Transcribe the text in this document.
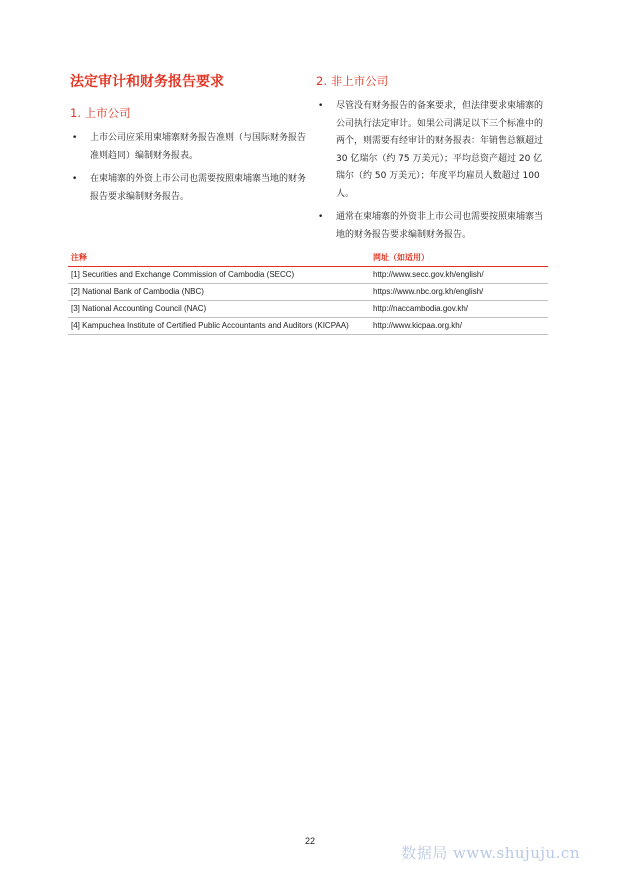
法定审计和财务报告要求
1. 上市公司
• 上市公司应采用柬埔寨财务报告准则（与国际财务报告准则趋同）编制财务报表。
• 在柬埔寨的外资上市公司也需要按照柬埔寨当地的财务报告要求编制财务报告。
2. 非上市公司
• 尽管没有财务报告的备案要求，但法律要求柬埔寨的公司执行法定审计。如果公司满足以下三个标准中的两个，则需要有经审计的财务报表：年销售总额超过 30 亿瑞尔（约 75 万美元）；平均总资产超过 20 亿瑞尔（约 50 万美元）；年度平均雇员人数超过 100 人。
• 通常在柬埔寨的外资非上市公司也需要按照柬埔寨当地的财务报告要求编制财务报告。
注释	网址（如适用）
[1] Securities and Exchange Commission of Cambodia (SECC)	http://www.secc.gov.kh/english/
[2] National Bank of Cambodia (NBC)	https://www.nbc.org.kh/english/
[3] National Accounting Council (NAC)	http://naccambodia.gov.kh/
[4] Kampuchea Institute of Certified Public Accountants and Auditors (KICPAA)	http://www.kicpaa.org.kh/
22
数据局 www.shujuju.cn
